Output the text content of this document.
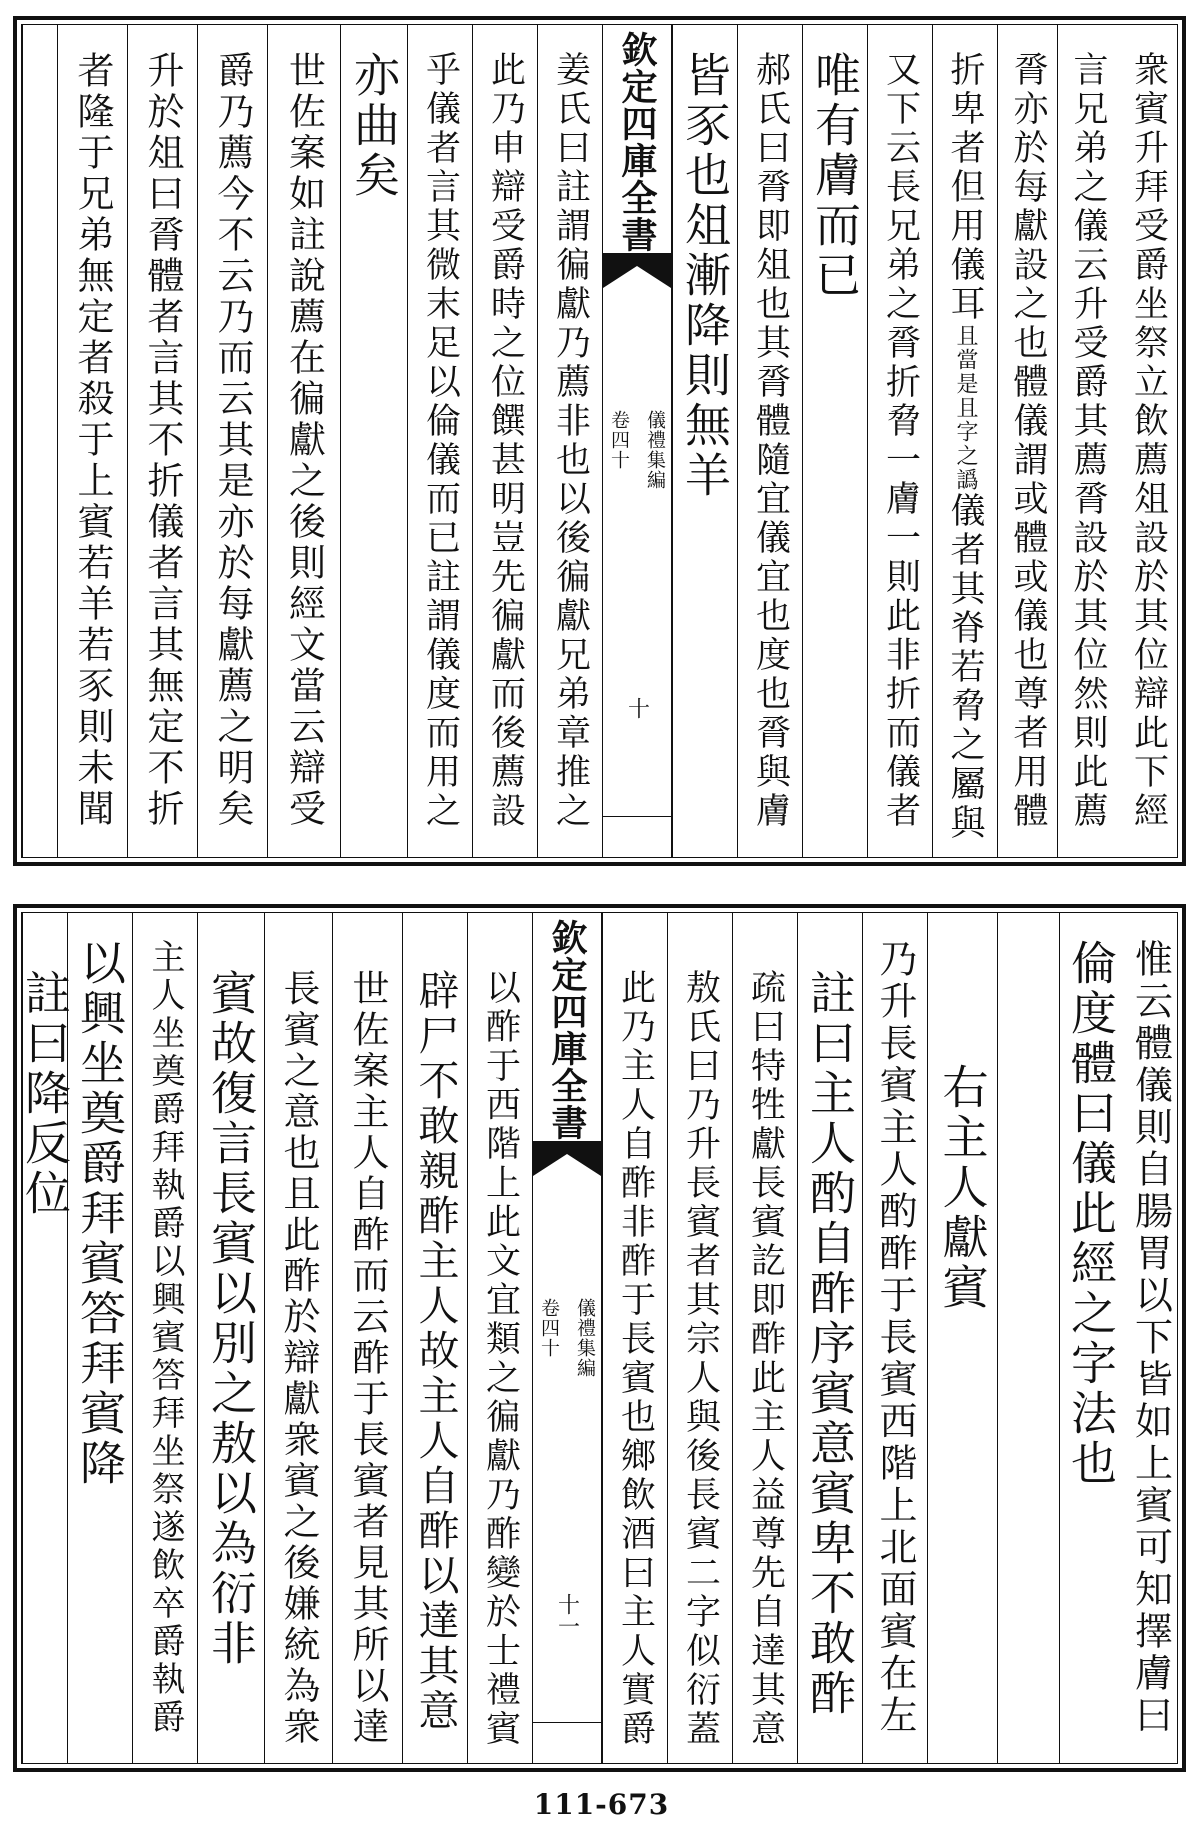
衆賓升拜受爵坐祭立飲薦俎設於其位辯此下經
言兄弟之儀云升受爵其薦脀設於其位然則此薦
脀亦於每獻設之也體儀謂或體或儀也尊者用體
折卑者但用儀耳且當是且字之譌儀者其脊若脅之屬與
又下云長兄弟之脀折脅一膚一則此非折而儀者
唯有膚而已
郝氏曰脀即俎也其脀體隨宜儀宜也度也脀與膚
皆豕也俎漸降則無羊
欽定四庫全書
儀禮集編
卷四十
十
姜氏曰註謂徧獻乃薦非也以後徧獻兄弟章推之
此乃申辯受爵時之位饌甚明豈先徧獻而後薦設
乎儀者言其微末足以倫儀而已註謂儀度而用之
亦曲矣
世佐案如註說薦在徧獻之後則經文當云辯受
爵乃薦今不云乃而云其是亦於每獻薦之明矣
升於俎曰脀體者言其不折儀者言其無定不折
者隆于兄弟無定者殺于上賓若羊若豕則未聞
惟云體儀則自腸胃以下皆如上賓可知擇膚曰
倫度體曰儀此經之字法也
右主人獻賓
乃升長賓主人酌酢于長賓西階上北面賓在左
註曰主人酌自酢序賓意賓卑不敢酢
疏曰特牲獻長賓訖即酢此主人益尊先自達其意
敖氏曰乃升長賓者其宗人與後長賓二字似衍蓋
此乃主人自酢非酢于長賓也鄉飲酒曰主人實爵
欽定四庫全書
儀禮集編
卷四十
十一
以酢于西階上此文宜類之徧獻乃酢變於士禮賓
辟尸不敢親酢主人故主人自酢以達其意
世佐案主人自酢而云酢于長賓者見其所以達
長賓之意也且此酢於辯獻衆賓之後嫌統為衆
賓故復言長賓以別之敖以為衍非
主人坐奠爵拜執爵以興賓答拜坐祭遂飲卒爵執爵
以興坐奠爵拜賓答拜賓降
註曰降反位
111-673
